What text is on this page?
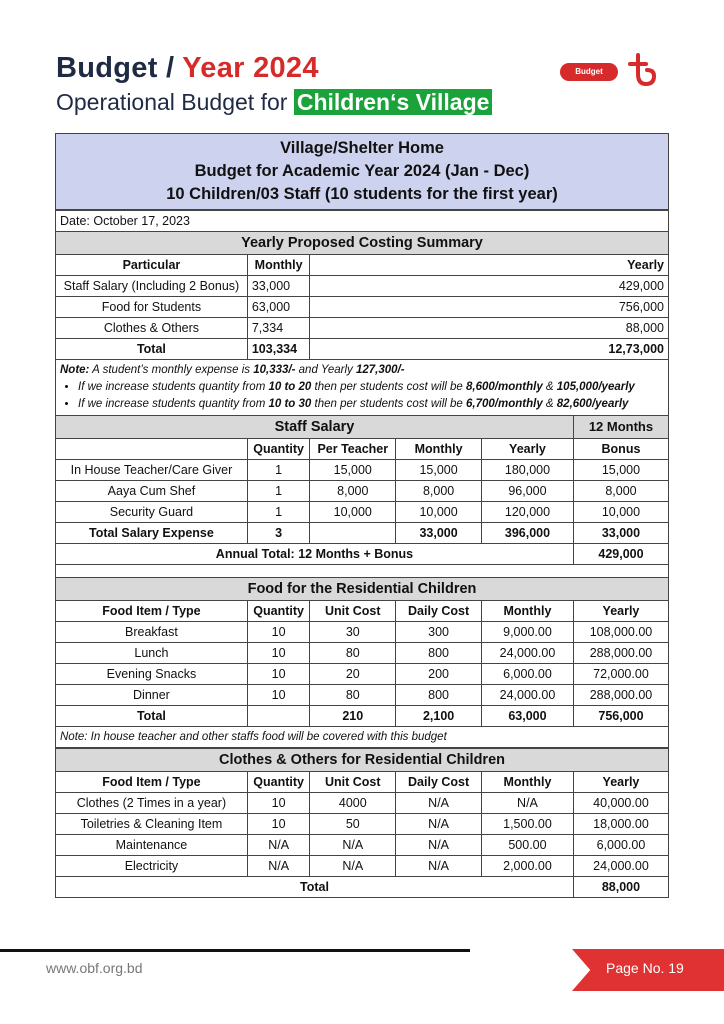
Budget / Year 2024
Operational Budget for Children‘s Village
Budget
Village/Shelter Home
Budget for Academic Year 2024 (Jan - Dec)
10 Children/03 Staff (10 students for the first year)
Date: October 17, 2023		
Yearly Proposed Costing Summary		
Particular	Monthly	Yearly
Staff Salary (Including 2 Bonus)	33,000	429,000
Food for Students	63,000	756,000
Clothes & Others	7,334	88,000
Total	103,334	12,73,000
Note: A student’s monthly expense is 10,333/- and Yearly 127,300/-
• If we increase students quantity from 10 to 20 then per students cost will be 8,600/monthly & 105,000/yearly
• If we increase students quantity from 10 to 30 then per students cost will be 6,700/monthly & 82,600/yearly
Staff Salary					12 Months
	Quantity	Per Teacher	Monthly	Yearly	Bonus
In House Teacher/Care Giver	1	15,000	15,000	180,000	15,000
Aaya Cum Shef	1	8,000	8,000	96,000	8,000
Security Guard	1	10,000	10,000	120,000	10,000
Total Salary Expense	3		33,000	396,000	33,000
Annual Total: 12 Months + Bonus					429,000

Food for the Residential Children					
Food Item / Type	Quantity	Unit Cost	Daily Cost	Monthly	Yearly
Breakfast	10	30	300	9,000.00	108,000.00
Lunch	10	80	800	24,000.00	288,000.00
Evening Snacks	10	20	200	6,000.00	72,000.00
Dinner	10	80	800	24,000.00	288,000.00
Total		210	2,100	63,000	756,000
Note: In house teacher and other staffs food will be covered with this budget					
Clothes & Others for Residential Children					
Food Item / Type	Quantity	Unit Cost	Daily Cost	Monthly	Yearly
Clothes (2 Times in a year)	10	4000	N/A	N/A	40,000.00
Toiletries & Cleaning Item	10	50	N/A	1,500.00	18,000.00
Maintenance	N/A	N/A	N/A	500.00	6,000.00
Electricity	N/A	N/A	N/A	2,000.00	24,000.00
Total					88,000
www.obf.org.bd	Page No. 19
